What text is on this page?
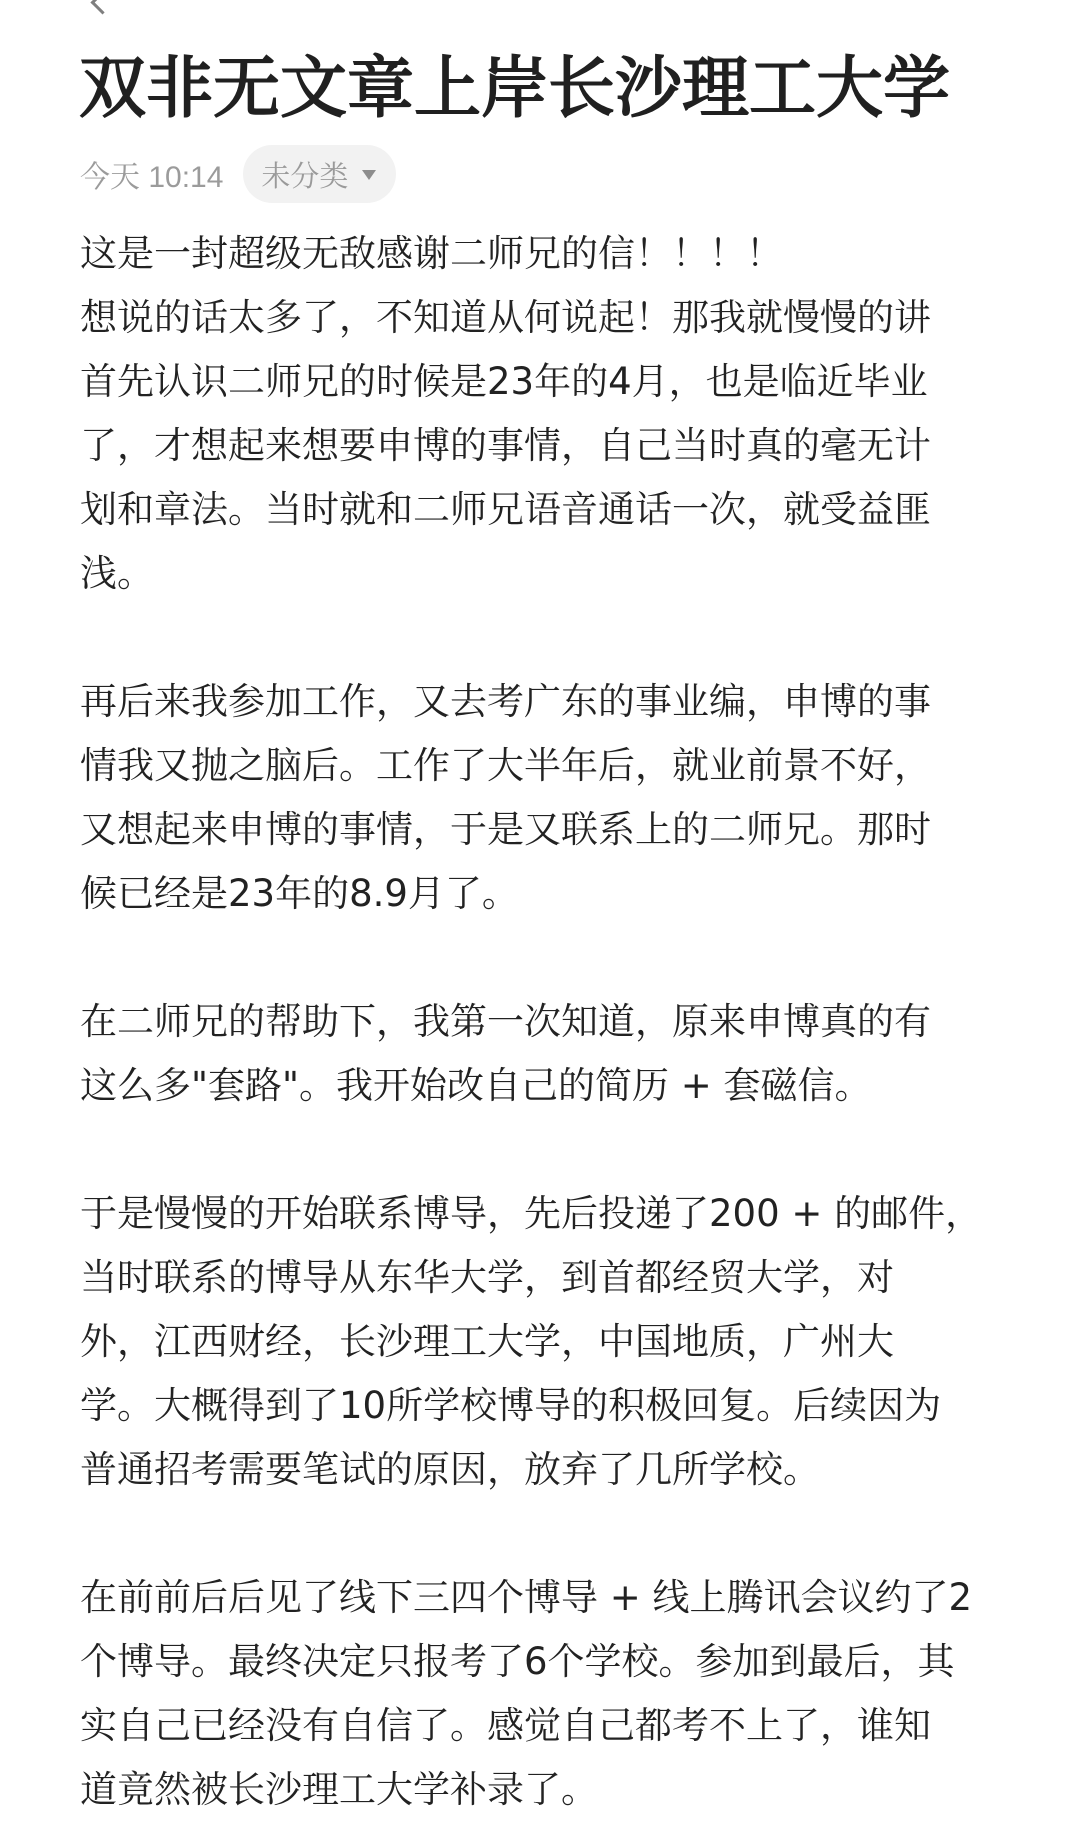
双非无文章上岸长沙理工大学
今天 10:14 未分类

这是一封超级无敌感谢二师兄的信！！！！

想说的话太多了，不知道从何说起！那我就慢慢的讲

首先认识二师兄的时候是23年的4月，也是临近毕业

了，才想起来想要申博的事情，自己当时真的毫无计

划和章法。当时就和二师兄语音通话一次，就受益匪

浅。

再后来我参加工作，又去考广东的事业编，申博的事

情我又抛之脑后。工作了大半年后，就业前景不好，

又想起来申博的事情，于是又联系上的二师兄。那时

候已经是23年的8.9月了。

在二师兄的帮助下，我第一次知道，原来申博真的有

这么多"套路"。我开始改自己的简历 + 套磁信。

于是慢慢的开始联系博导，先后投递了200 + 的邮件，

当时联系的博导从东华大学，到首都经贸大学，对

外，江西财经，长沙理工大学，中国地质，广州大

学。大概得到了10所学校博导的积极回复。后续因为

普通招考需要笔试的原因，放弃了几所学校。

在前前后后见了线下三四个博导 + 线上腾讯会议约了2

个博导。最终决定只报考了6个学校。参加到最后，其

实自己已经没有自信了。感觉自己都考不上了，谁知

道竟然被长沙理工大学补录了。
